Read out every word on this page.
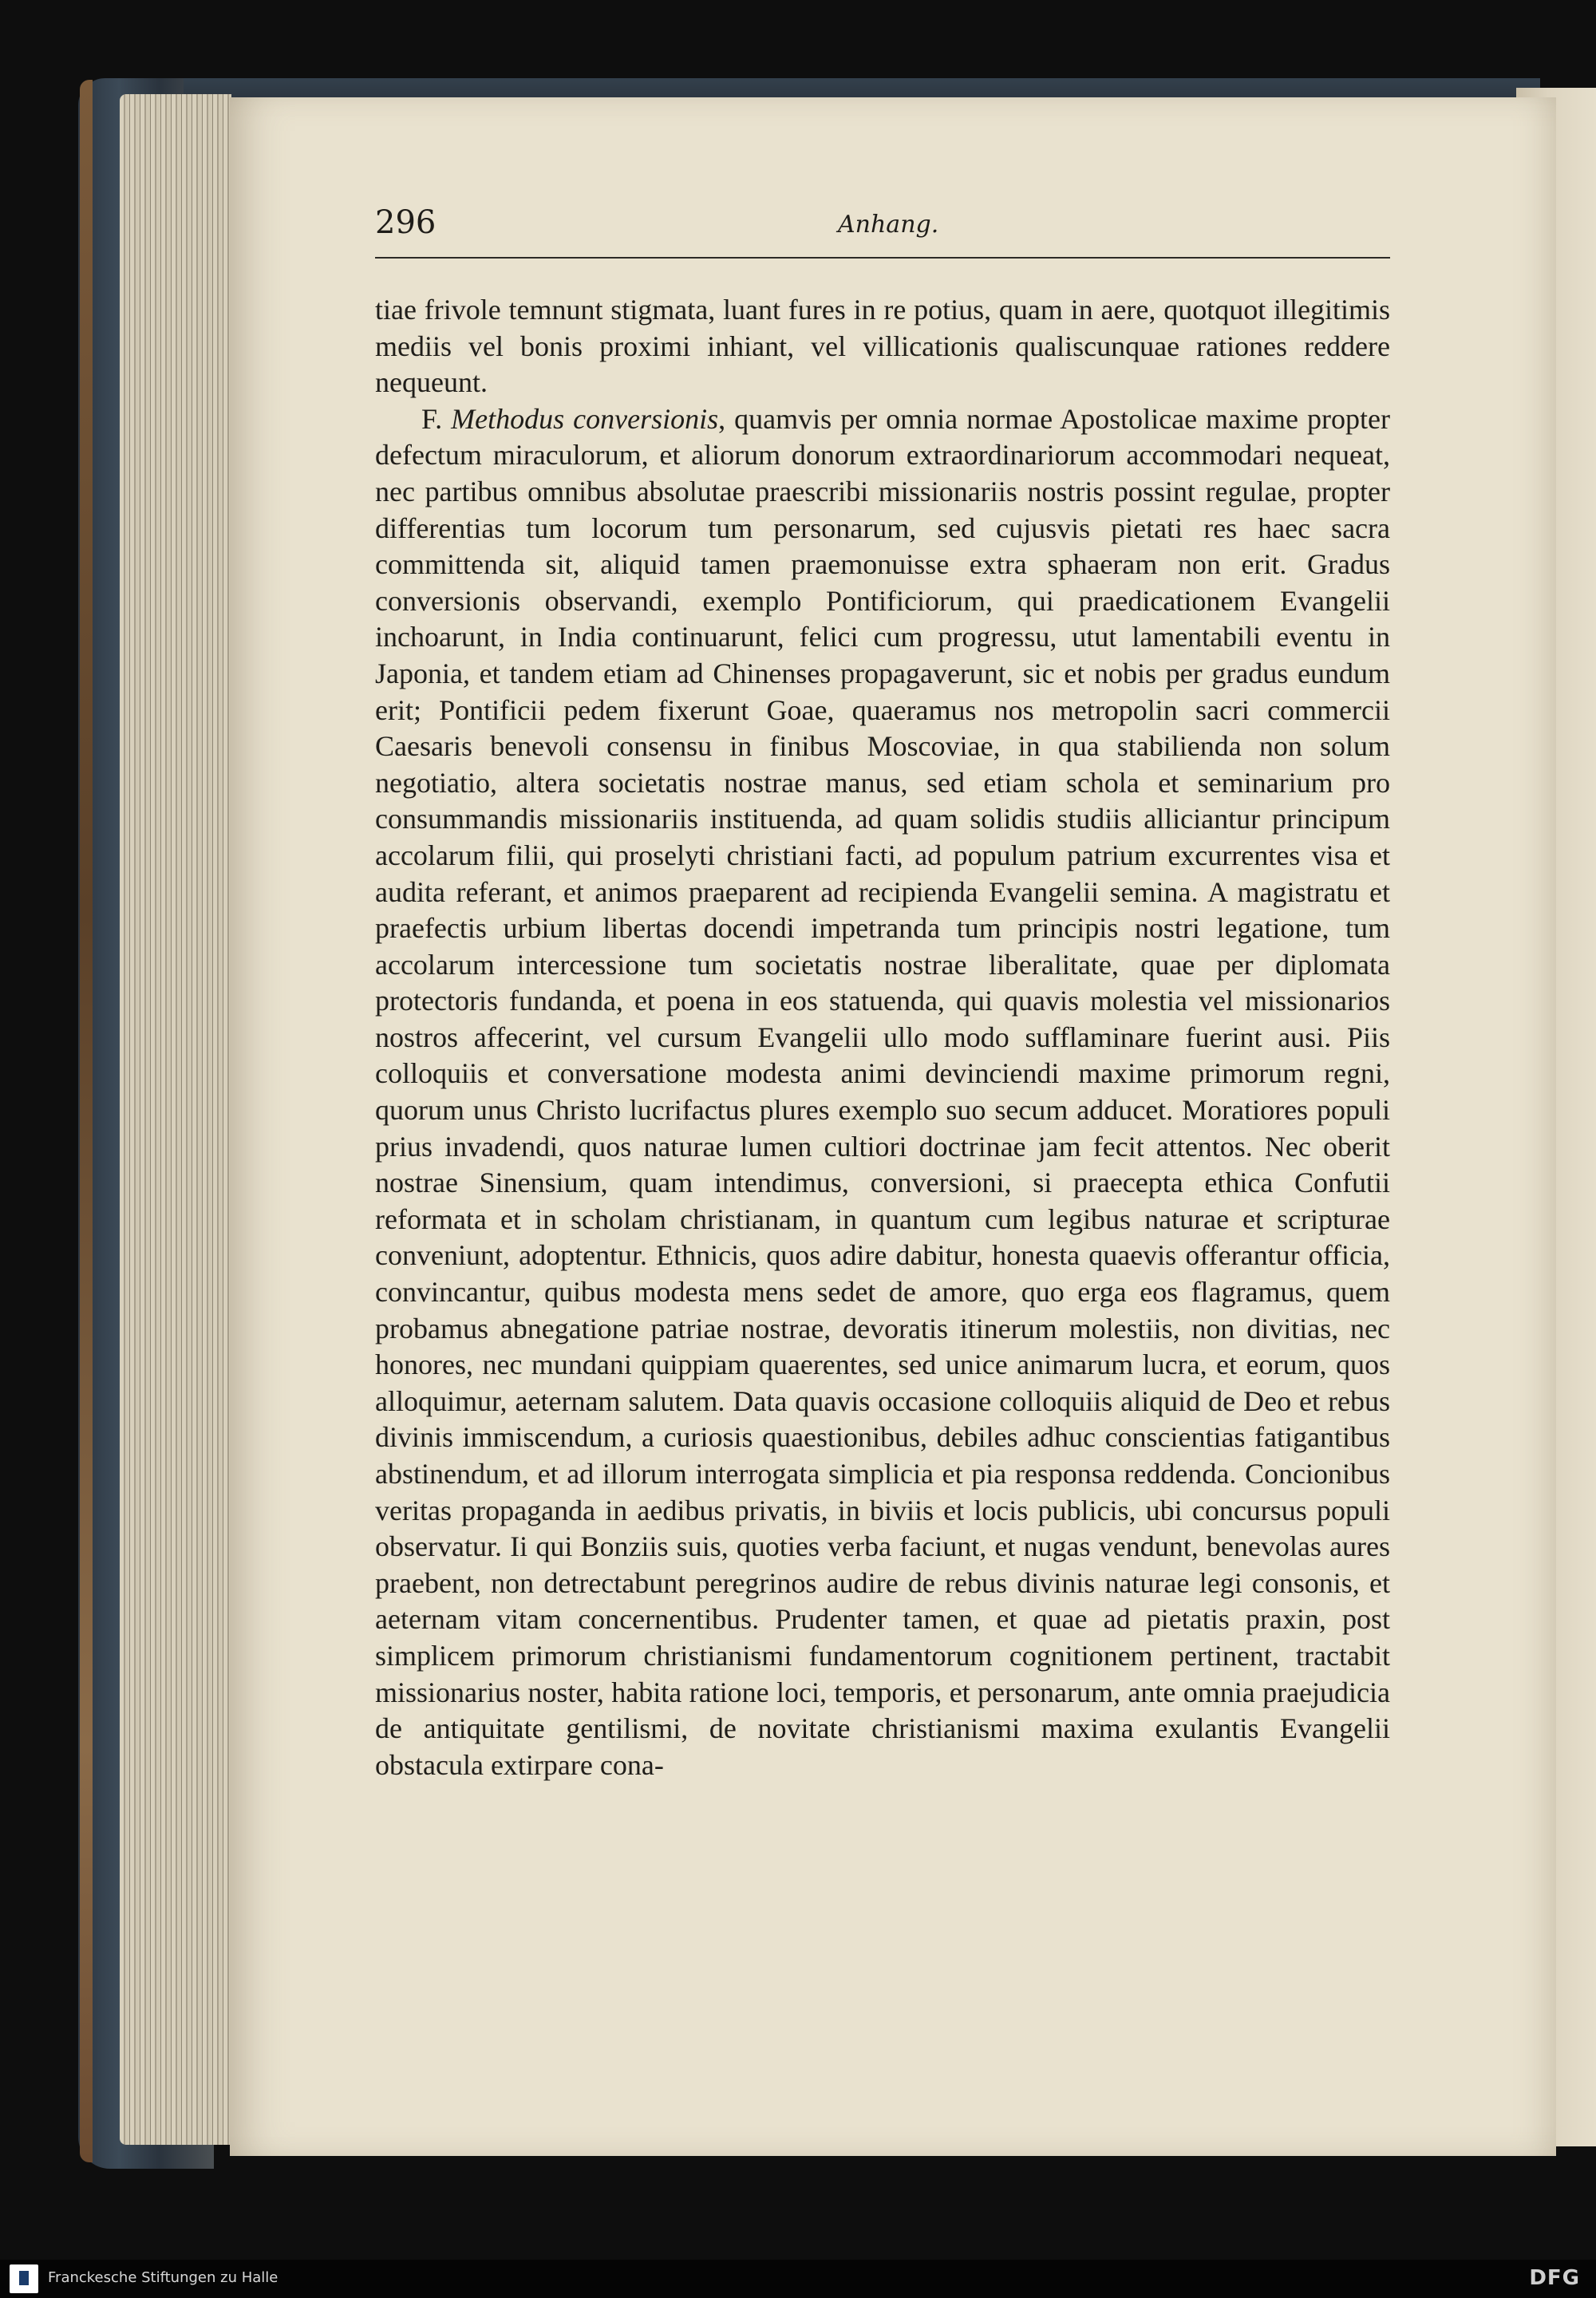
296	Anhang.

tiae frivole temnunt stigmata, luant fures in re potius, quam in aere, quotquot illegitimis mediis vel bonis proximi inhiant, vel villicationis qualiscunquae rationes reddere nequeunt.

F. Methodus conversionis, quamvis per omnia normae Apostolicae maxime propter defectum miraculorum, et aliorum donorum extraordinariorum accommodari nequeat, nec partibus omnibus absolutae praescribi missionariis nostris possint regulae, propter differentias tum locorum tum personarum, sed cujusvis pietati res haec sacra committenda sit, aliquid tamen praemonuisse extra sphaeram non erit. Gradus conversionis observandi, exemplo Pontificiorum, qui praedicationem Evangelii inchoarunt, in India continuarunt, felici cum progressu, utut lamentabili eventu in Japonia, et tandem etiam ad Chinenses propagaverunt, sic et nobis per gradus eundum erit; Pontificii pedem fixerunt Goae, quaeramus nos metropolin sacri commercii Caesaris benevoli consensu in finibus Moscoviae, in qua stabilienda non solum negotiatio, altera societatis nostrae manus, sed etiam schola et seminarium pro consummandis missionariis instituenda, ad quam solidis studiis alliciantur principum accolarum filii, qui proselyti christiani facti, ad populum patrium excurrentes visa et audita referant, et animos praeparent ad recipienda Evangelii semina. A magistratu et praefectis urbium libertas docendi impetranda tum principis nostri legatione, tum accolarum intercessione tum societatis nostrae liberalitate, quae per diplomata protectoris fundanda, et poena in eos statuenda, qui quavis molestia vel missionarios nostros affecerint, vel cursum Evangelii ullo modo sufflaminare fuerint ausi. Piis colloquiis et conversatione modesta animi devinciendi maxime primorum regni, quorum unus Christo lucrifactus plures exemplo suo secum adducet. Moratiores populi prius invadendi, quos naturae lumen cultiori doctrinae jam fecit attentos. Nec oberit nostrae Sinensium, quam intendimus, conversioni, si praecepta ethica Confutii reformata et in scholam christianam, in quantum cum legibus naturae et scripturae conveniunt, adoptentur. Ethnicis, quos adire dabitur, honesta quaevis offerantur officia, convincantur, quibus modesta mens sedet de amore, quo erga eos flagramus, quem probamus abnegatione patriae nostrae, devoratis itinerum molestiis, non divitias, nec honores, nec mundani quippiam quaerentes, sed unice animarum lucra, et eorum, quos alloquimur, aeternam salutem. Data quavis occasione colloquiis aliquid de Deo et rebus divinis immiscendum, a curiosis quaestionibus, debiles adhuc conscientias fatigantibus abstinendum, et ad illorum interrogata simplicia et pia responsa reddenda. Concionibus veritas propaganda in aedibus privatis, in biviis et locis publicis, ubi concursus populi observatur. Ii qui Bonziis suis, quoties verba faciunt, et nugas vendunt, benevolas aures praebent, non detrectabunt peregrinos audire de rebus divinis naturae legi consonis, et aeternam vitam concernentibus. Prudenter tamen, et quae ad pietatis praxin, post simplicem primorum christianismi fundamentorum cognitionem pertinent, tractabit missionarius noster, habita ratione loci, temporis, et personarum, ante omnia praejudicia de antiquitate gentilismi, de novitate christianismi maxima exulantis Evangelii obstacula extirpare cona-

Franckesche Stiftungen zu Halle	DFG
